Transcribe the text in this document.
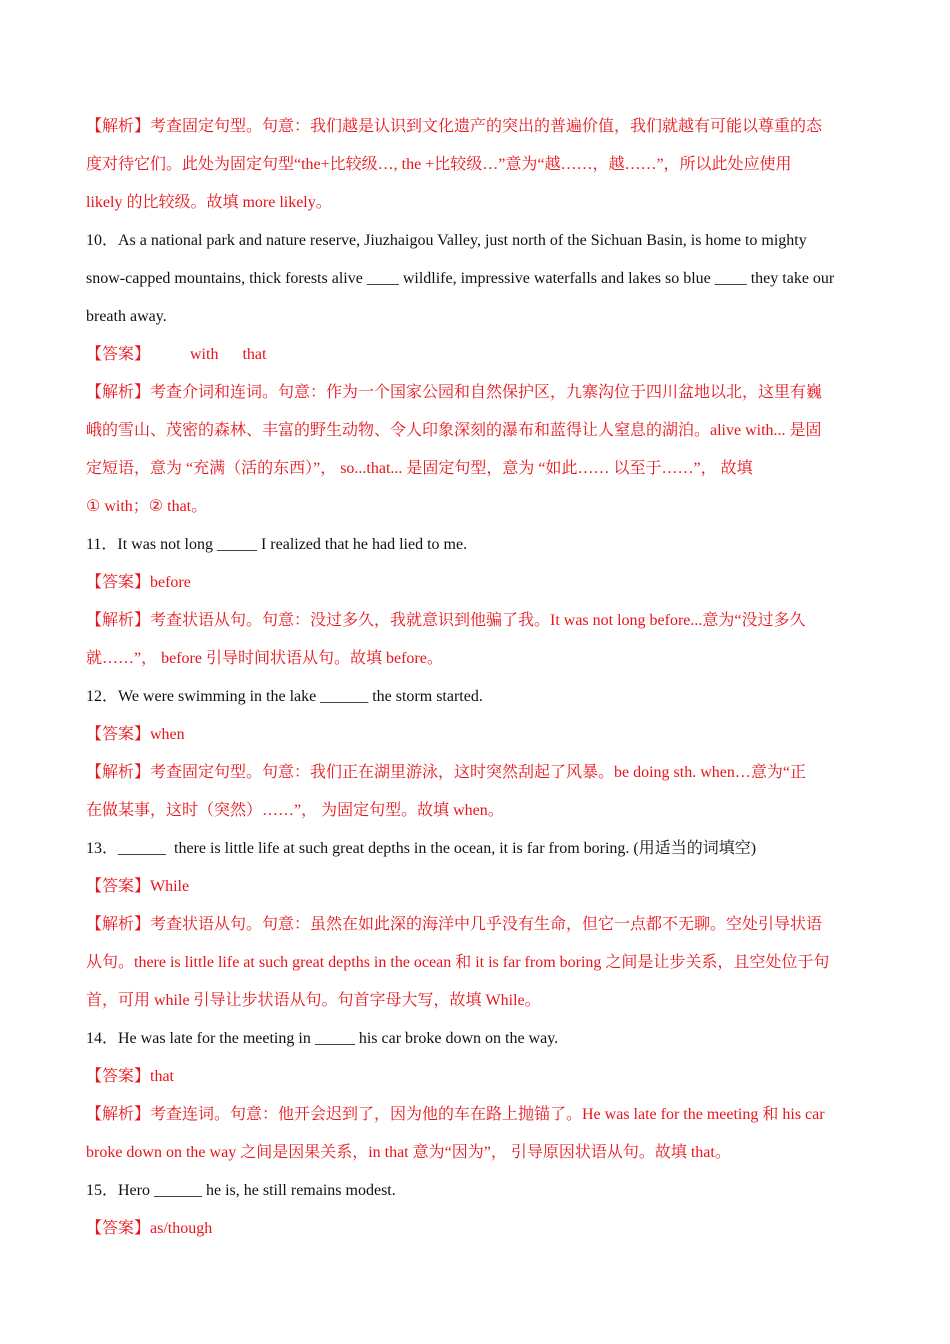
【解析】考查固定句型。句意：我们越是认识到文化遗产的突出的普遍价值，我们就越有可能以尊重的态
度对待它们。此处为固定句型“the+比较级…, the +比较级…”意为“越……，越……”，所以此处应使用
likely 的比较级。故填 more likely。
10．As a national park and nature reserve, Jiuzhaigou Valley, just north of the Sichuan Basin, is home to mighty
snow-capped mountains, thick forests alive ____ wildlife, impressive waterfalls and lakes so blue ____ they take our
breath away.
【答案】          with      that
【解析】考查介词和连词。句意：作为一个国家公园和自然保护区，九寨沟位于四川盆地以北，这里有巍
峨的雪山、茂密的森林、丰富的野生动物、令人印象深刻的瀑布和蓝得让人窒息的湖泊。alive with... 是固
定短语，意为 “充满（活的东西）”， so...that... 是固定句型，意为 “如此…… 以至于……”， 故填
① with；② that。
11．It was not long _____ I realized that he had lied to me.
【答案】before
【解析】考查状语从句。句意：没过多久，我就意识到他骗了我。It was not long before...意为“没过多久
就……”， before 引导时间状语从句。故填 before。
12．We were swimming in the lake ______ the storm started.
【答案】when
【解析】考查固定句型。句意：我们正在湖里游泳，这时突然刮起了风暴。be doing sth. when…意为“正
在做某事，这时（突然）……”， 为固定句型。故填 when。
13．______  there is little life at such great depths in the ocean, it is far from boring. (用适当的词填空)
【答案】While
【解析】考查状语从句。句意：虽然在如此深的海洋中几乎没有生命，但它一点都不无聊。空处引导状语
从句。there is little life at such great depths in the ocean 和 it is far from boring 之间是让步关系，且空处位于句
首，可用 while 引导让步状语从句。句首字母大写，故填 While。
14．He was late for the meeting in _____ his car broke down on the way.
【答案】that
【解析】考查连词。句意：他开会迟到了，因为他的车在路上抛锚了。He was late for the meeting 和 his car
broke down on the way 之间是因果关系，in that 意为“因为”， 引导原因状语从句。故填 that。
15．Hero ______ he is, he still remains modest.
【答案】as/though
